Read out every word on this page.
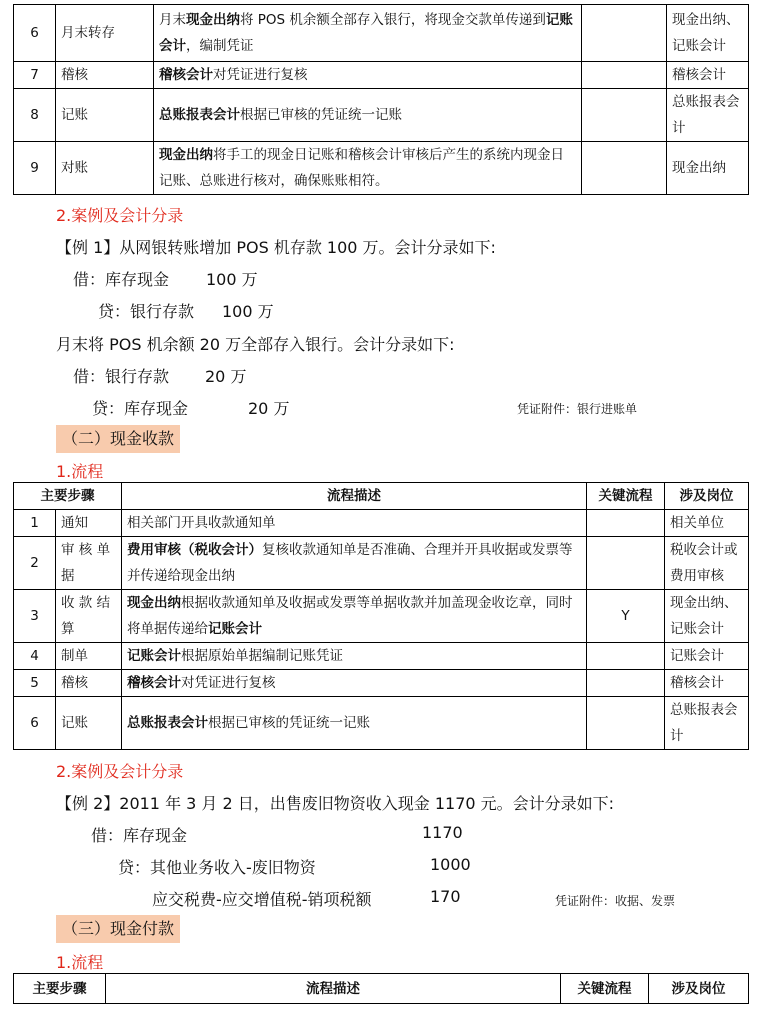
6	月末转存	月末现金出纳将 POS 机余额全部存入银行，将现金交款单传递到记账会计，编制凭证		现金出纳、记账会计
7	稽核	稽核会计对凭证进行复核		稽核会计
8	记账	总账报表会计根据已审核的凭证统一记账		总账报表会计
9	对账	现金出纳将手工的现金日记账和稽核会计审核后产生的系统内现金日记账、总账进行核对，确保账账相符。		现金出纳
2.案例及会计分录
【例 1】从网银转账增加 POS 机存款 100 万。会计分录如下:
借：库存现金 100 万
贷：银行存款 100 万
月末将 POS 机余额 20 万全部存入银行。会计分录如下:
借：银行存款 20 万
贷：库存现金	20 万	凭证附件：银行进账单
（二）现金收款
1.流程
主要步骤		流程描述	关键流程	涉及岗位
1	通知	相关部门开具收款通知单		相关单位
2	审 核 单 据	费用审核（税收会计）复核收款通知单是否准确、合理并开具收据或发票等并传递给现金出纳		税收会计或费用审核
3	收 款 结 算	现金出纳根据收款通知单及收据或发票等单据收款并加盖现金收讫章，同时将单据传递给记账会计	Y	现金出纳、记账会计
4	制单	记账会计根据原始单据编制记账凭证		记账会计
5	稽核	稽核会计对凭证进行复核		稽核会计
6	记账	总账报表会计根据已审核的凭证统一记账		总账报表会计
2.案例及会计分录
【例 2】2011 年 3 月 2 日，出售废旧物资收入现金 1170 元。会计分录如下:
借：库存现金	1170
贷：其他业务收入-废旧物资	1000
应交税费-应交增值税-销项税额	170	凭证附件：收据、发票
（三）现金付款
1.流程
主要步骤	流程描述	关键流程	涉及岗位
